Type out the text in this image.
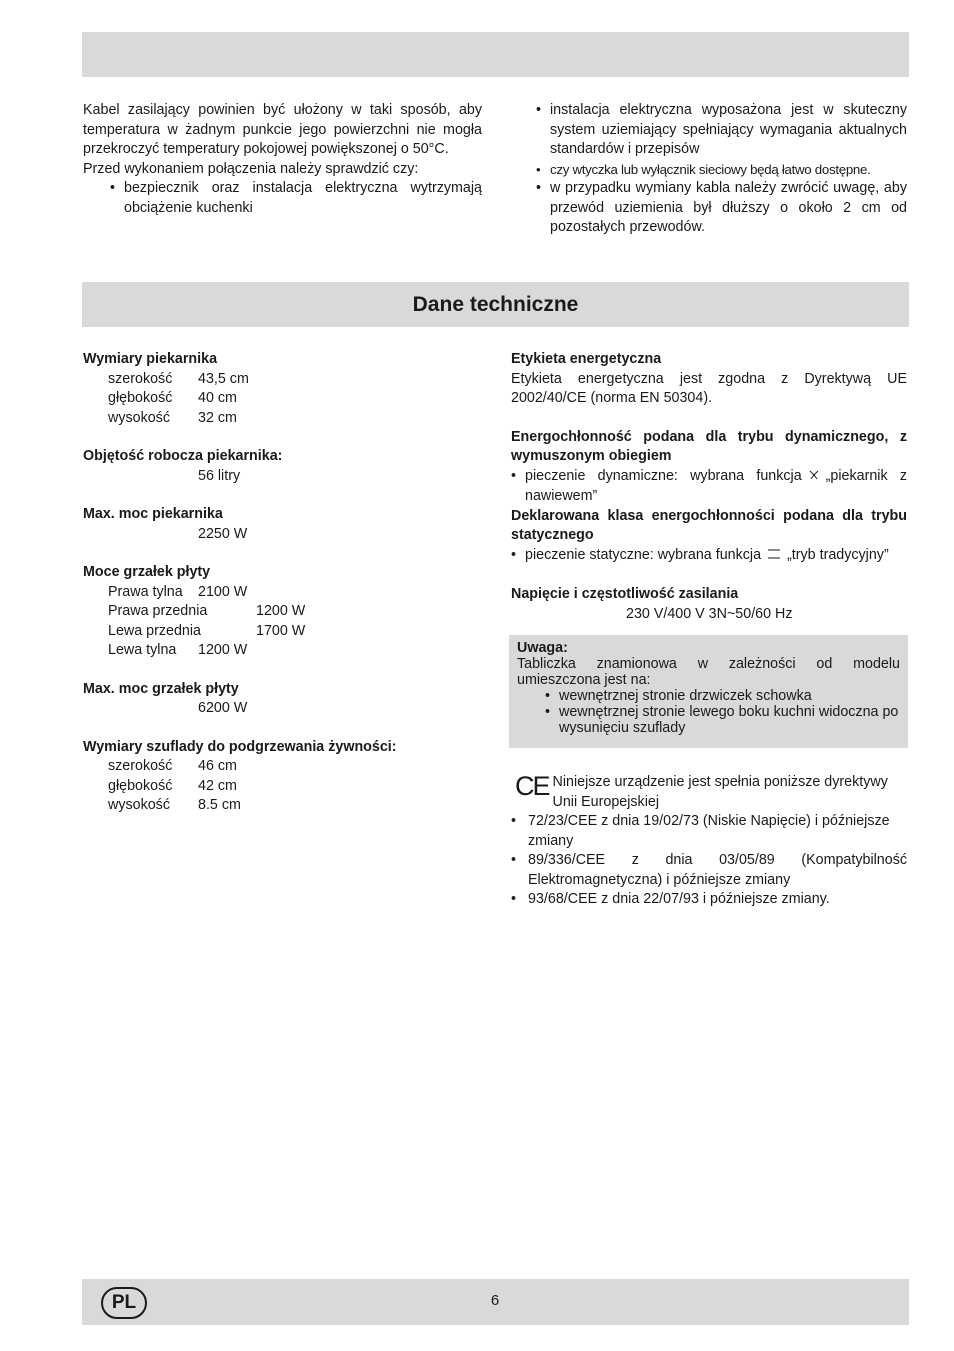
Kabel zasilający powinien być ułożony w taki sposób, aby temperatura w żadnym punkcie jego powierzchni nie mogła przekroczyć temperatury pokojowej powiększonej o 50°C.

Przed wykonaniem połączenia należy sprawdzić czy:

• bezpiecznik oraz instalacja elektryczna wytrzymają obciążenie kuchenki

• instalacja elektryczna wyposażona jest w skuteczny system uziemiający spełniający wymagania aktualnych standardów i przepisów

• czy wtyczka lub wyłącznik sieciowy będą łatwo dostępne.

• w przypadku wymiany kabla należy zwrócić uwagę, aby przewód uziemienia był dłuższy o około 2 cm od pozostałych przewodów.

Dane techniczne

Wymiary piekarnika

szerokość	43,5 cm
głębokość	40 cm
wysokość	32 cm

Objętość robocza piekarnika:

56 litry

Max. moc piekarnika

2250 W

Moce grzałek płyty

Prawa tylna	2100 W
Prawa przednia	1200 W
Lewa przednia	1700 W
Lewa tylna	1200 W

Max. moc grzałek płyty

6200 W

Wymiary szuflady do podgrzewania żywności:

szerokość	46 cm
głębokość	42 cm
wysokość	8.5 cm

Etykieta energetyczna

Etykieta energetyczna jest zgodna z Dyrektywą UE 2002/40/CE (norma EN 50304).

Energochłonność podana dla trybu dynamicznego, z wymuszonym obiegiem

• pieczenie dynamiczne: wybrana funkcja „piekarnik z nawiewem”

Deklarowana klasa energochłonności podana dla trybu statycznego

• pieczenie statyczne: wybrana funkcja „tryb tradycyjny”

Napięcie i częstotliwość zasilania

230 V/400 V 3N~50/60 Hz

Uwaga:

Tabliczka znamionowa w zależności od modelu umieszczona jest na:

• wewnętrznej stronie drzwiczek schowka

• wewnętrznej stronie lewego boku kuchni widoczna po wysunięciu szuflady

CE Niniejsze urządzenie jest spełnia poniższe dyrektywy Unii Europejskiej

• 72/23/CEE z dnia 19/02/73 (Niskie Napięcie) i późniejsze zmiany

• 89/336/CEE z dnia 03/05/89 (Kompatybilność Elektromagnetyczna) i późniejsze zmiany

• 93/68/CEE z dnia 22/07/93 i późniejsze zmiany.

PL	6
